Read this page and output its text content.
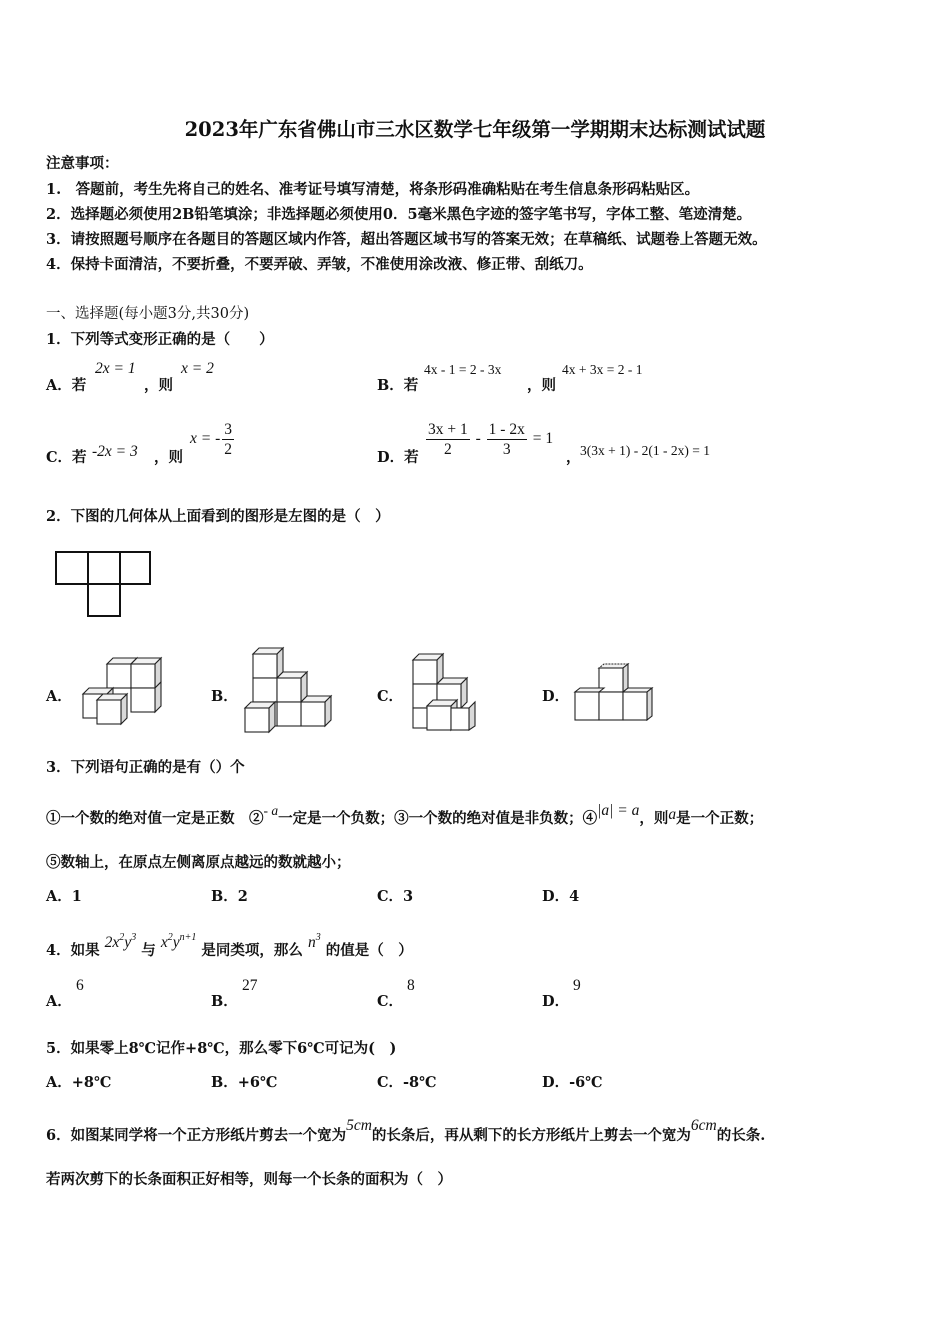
2023年广东省佛山市三水区数学七年级第一学期期末达标测试试题
注意事项：
1.　答题前，考生先将自己的姓名、准考证号填写清楚，将条形码准确粘贴在考生信息条形码粘贴区。
2．选择题必须使用2B铅笔填涂；非选择题必须使用0．5毫米黑色字迹的签字笔书写，字体工整、笔迹清楚。
3．请按照题号顺序在各题目的答题区域内作答，超出答题区域书写的答案无效；在草稿纸、试题卷上答题无效。
4．保持卡面清洁，不要折叠，不要弄破、弄皱，不准使用涂改液、修正带、刮纸刀。
一、选择题(每小题3分,共30分)
1．下列等式变形正确的是（　　）
A．若
2x = 1
，则
x = 2
B．若
4x - 1 = 2 - 3x
，则
4x + 3x = 2 - 1
C．若 -2x = 3 ，则
x = - $\frac{3}{2}$	D．若 $\frac{3x + 1}{2} - \frac{1 - 2x}{3} = 1$
， 3(3x + 1) - 2(1 - 2x) = 1
2．下图的几何体从上面看到的图形是左图的是（　）
A．	B．	C．	D．
3．下列语句正确的是有（）个
①一个数的绝对值一定是正数　②- a一定是一个负数；③一个数的绝对值是非负数；④|a| = a，则a是一个正数；
⑤数轴上，在原点左侧离原点越远的数就越小；
A．1	B．2	C．3	D．4
4．如果 $2x^2y^3$ 与 $x^2y^{n+1}$ 是同类项，那么 $n^3$ 的值是（　）
A．
6
B．
27
C．
8
D．
9
5．如果零上8℃记作+8℃，那么零下6℃可记为(　)
A．+8℃	B．+6℃	C．-8℃	D．-6℃
6．如图某同学将一个正方形纸片剪去一个宽为5cm的长条后，再从剩下的长方形纸片上剪去一个宽为6cm的长条.
若两次剪下的长条面积正好相等，则每一个长条的面积为（　）
